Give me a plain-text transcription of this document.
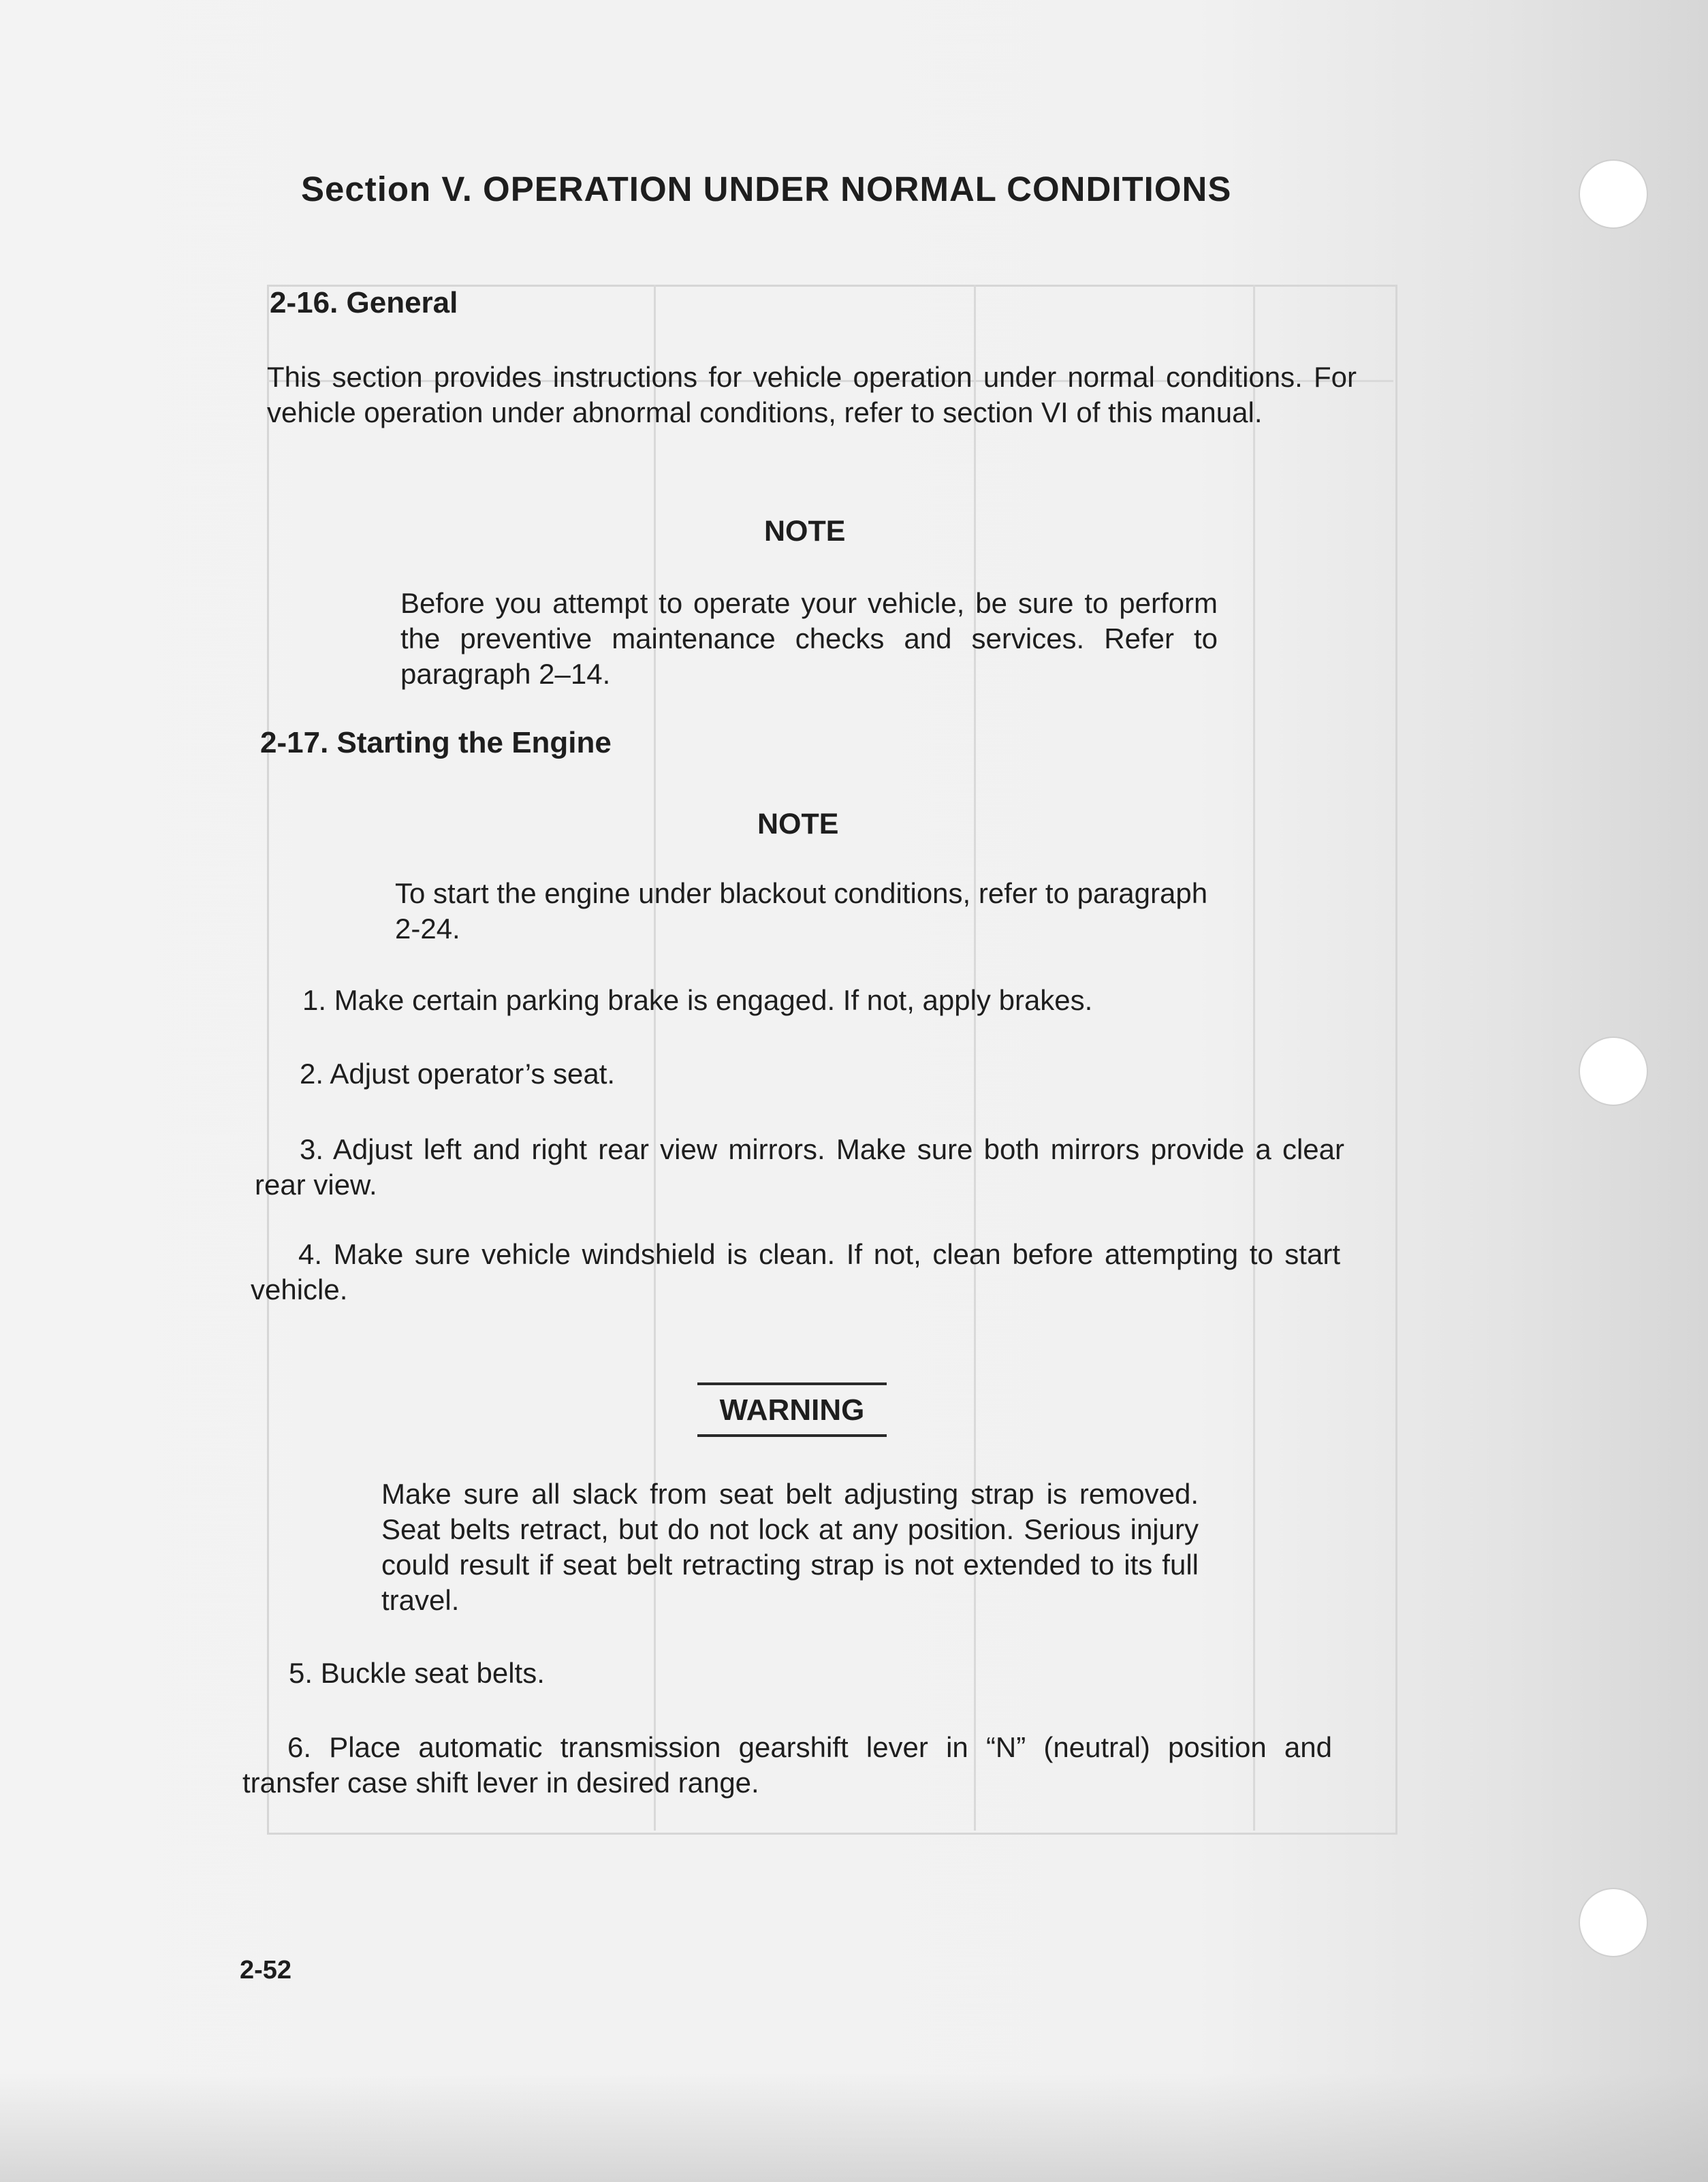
Section V. OPERATION UNDER NORMAL CONDITIONS
2-16. General
This section provides instructions for vehicle operation under normal conditions. For vehicle operation under abnormal conditions, refer to section VI of this manual.
NOTE
Before you attempt to operate your vehicle, be sure to perform the preventive maintenance checks and services. Refer to paragraph 2–14.
2-17. Starting the Engine
NOTE
To start the engine under blackout conditions, refer to paragraph 2-24.
1. Make certain parking brake is engaged. If not, apply brakes.
2. Adjust operator’s seat.
3. Adjust left and right rear view mirrors. Make sure both mirrors provide a clear rear view.
4. Make sure vehicle windshield is clean. If not, clean before attempting to start vehicle.
WARNING
Make sure all slack from seat belt adjusting strap is removed. Seat belts retract, but do not lock at any position. Serious injury could result if seat belt retracting strap is not extended to its full travel.
5. Buckle seat belts.
6. Place automatic transmission gearshift lever in “N” (neutral) position and transfer case shift lever in desired range.
2-52
